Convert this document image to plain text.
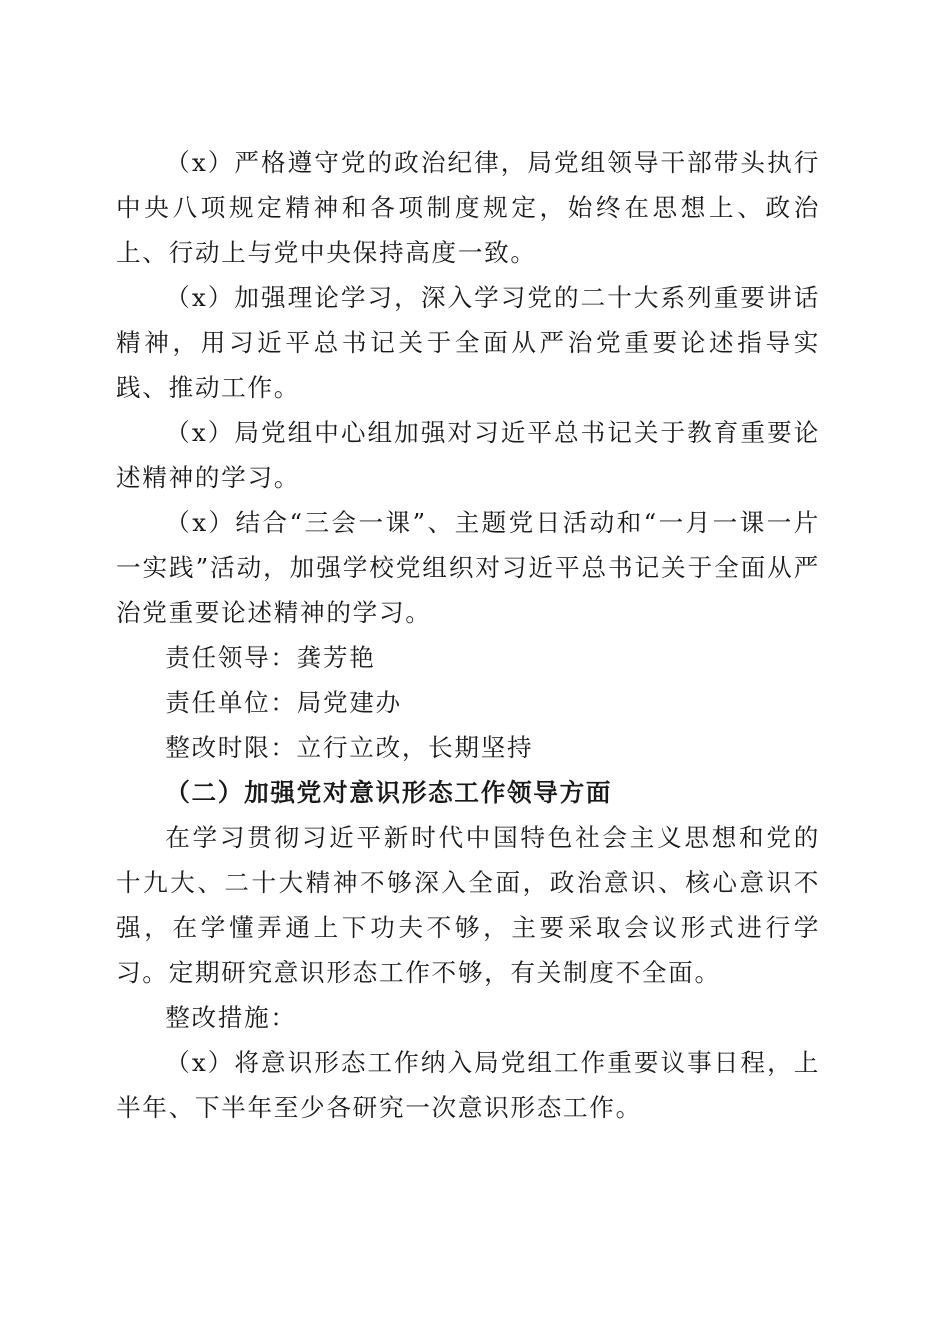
（x）严格遵守党的政治纪律，局党组领导干部带头执行中央八项规定精神和各项制度规定，始终在思想上、政治上、行动上与党中央保持高度一致。

（x）加强理论学习，深入学习党的二十大系列重要讲话精神，用习近平总书记关于全面从严治党重要论述指导实践、推动工作。

（x）局党组中心组加强对习近平总书记关于教育重要论述精神的学习。

（x）结合“三会一课”、主题党日活动和“一月一课一片一实践”活动，加强学校党组织对习近平总书记关于全面从严治党重要论述精神的学习。

责任领导：龚芳艳

责任单位：局党建办

整改时限：立行立改，长期坚持

（二）加强党对意识形态工作领导方面

在学习贯彻习近平新时代中国特色社会主义思想和党的十九大、二十大精神不够深入全面，政治意识、核心意识不强，在学懂弄通上下功夫不够，主要采取会议形式进行学习。定期研究意识形态工作不够，有关制度不全面。

整改措施：

（x）将意识形态工作纳入局党组工作重要议事日程，上半年、下半年至少各研究一次意识形态工作。
